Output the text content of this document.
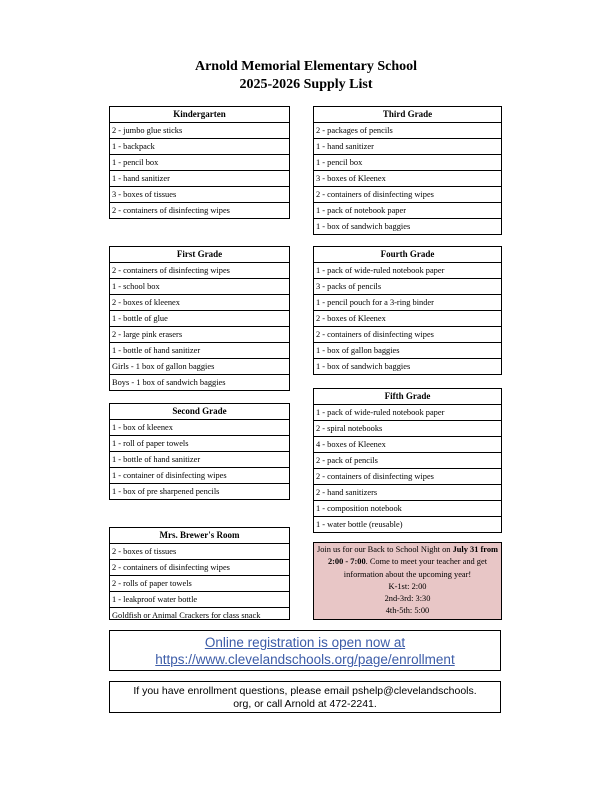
Arnold Memorial Elementary School
2025-2026 Supply List
Kindergarten
2 - jumbo glue sticks
1 - backpack
1 - pencil box
1 - hand sanitizer
3 - boxes of tissues
2 - containers of disinfecting wipes
First Grade
2 - containers of disinfecting wipes
1 - school box
2 - boxes of kleenex
1 - bottle of glue
2 - large pink erasers
1 - bottle of hand sanitizer
Girls - 1 box of gallon baggies
Boys - 1 box of sandwich baggies
Second Grade
1 - box of kleenex
1 - roll of paper towels
1 - bottle of hand sanitizer
1 - container of disinfecting wipes
1 - box of pre sharpened pencils
Mrs. Brewer's Room
2 - boxes of tissues
2 - containers of disinfecting wipes
2 - rolls of paper towels
1 - leakproof water bottle
Goldfish or Animal Crackers for class snack
Third Grade
2 - packages of pencils
1 - hand sanitizer
1 - pencil box
3 - boxes of Kleenex
2 - containers of disinfecting wipes
1 - pack of notebook paper
1 - box of sandwich baggies
Fourth Grade
1 - pack of wide-ruled notebook paper
3 - packs of pencils
1 - pencil pouch for a 3-ring binder
2 - boxes of Kleenex
2 - containers of disinfecting wipes
1 - box of gallon baggies
1 - box of sandwich baggies
Fifth Grade
1 - pack of wide-ruled notebook paper
2 - spiral notebooks
4 - boxes of Kleenex
2 - pack of pencils
2 - containers of disinfecting wipes
2 - hand sanitizers
1 - composition notebook
1 - water bottle (reusable)
Join us for our Back to School Night on July 31 from 2:00 - 7:00. Come to meet your teacher and get information about the upcoming year!
K-1st: 2:00
2nd-3rd: 3:30
4th-5th: 5:00
Online registration is open now at
https://www.clevelandschools.org/page/enrollment
If you have enrollment questions, please email pshelp@clevelandschools.
org, or call Arnold at 472-2241.
